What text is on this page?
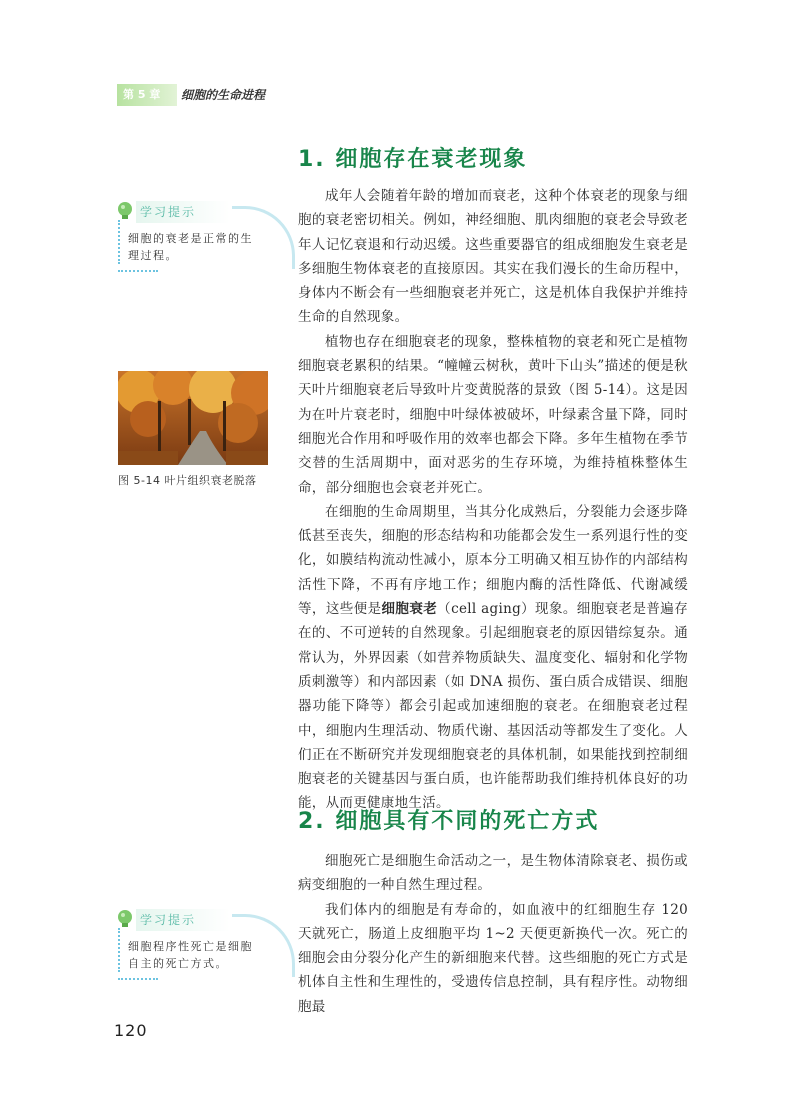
第 5 章	细胞的生命进程
1. 细胞存在衰老现象

成年人会随着年龄的增加而衰老，这种个体衰老的现象与细胞的衰老密切相关。例如，神经细胞、肌肉细胞的衰老会导致老年人记忆衰退和行动迟缓。这些重要器官的组成细胞发生衰老是多细胞生物体衰老的直接原因。其实在我们漫长的生命历程中，身体内不断会有一些细胞衰老并死亡，这是机体自我保护并维持生命的自然现象。

植物也存在细胞衰老的现象，整株植物的衰老和死亡是植物细胞衰老累积的结果。“幢幢云树秋，黄叶下山头”描述的便是秋天叶片细胞衰老后导致叶片变黄脱落的景致（图 5-14）。这是因为在叶片衰老时，细胞中叶绿体被破坏，叶绿素含量下降，同时细胞光合作用和呼吸作用的效率也都会下降。多年生植物在季节交替的生活周期中，面对恶劣的生存环境，为维持植株整体生命，部分细胞也会衰老并死亡。

在细胞的生命周期里，当其分化成熟后，分裂能力会逐步降低甚至丧失，细胞的形态结构和功能都会发生一系列退行性的变化，如膜结构流动性减小，原本分工明确又相互协作的内部结构活性下降，不再有序地工作；细胞内酶的活性降低、代谢减缓等，这些便是细胞衰老（cell aging）现象。细胞衰老是普遍存在的、不可逆转的自然现象。引起细胞衰老的原因错综复杂。通常认为，外界因素（如营养物质缺失、温度变化、辐射和化学物质刺激等）和内部因素（如 DNA 损伤、蛋白质合成错误、细胞器功能下降等）都会引起或加速细胞的衰老。在细胞衰老过程中，细胞内生理活动、物质代谢、基因活动等都发生了变化。人们正在不断研究并发现细胞衰老的具体机制，如果能找到控制细胞衰老的关键基因与蛋白质，也许能帮助我们维持机体良好的功能，从而更健康地生活。

2. 细胞具有不同的死亡方式

细胞死亡是细胞生命活动之一，是生物体清除衰老、损伤或病变细胞的一种自然生理过程。

我们体内的细胞是有寿命的，如血液中的红细胞生存 120 天就死亡，肠道上皮细胞平均 1~2 天便更新换代一次。死亡的细胞会由分裂分化产生的新细胞来代替。这些细胞的死亡方式是机体自主性和生理性的，受遗传信息控制，具有程序性。动物细胞最

学习提示
细胞的衰老是正常的生理过程。
图 5-14 叶片组织衰老脱落
学习提示
细胞程序性死亡是细胞自主的死亡方式。
120
